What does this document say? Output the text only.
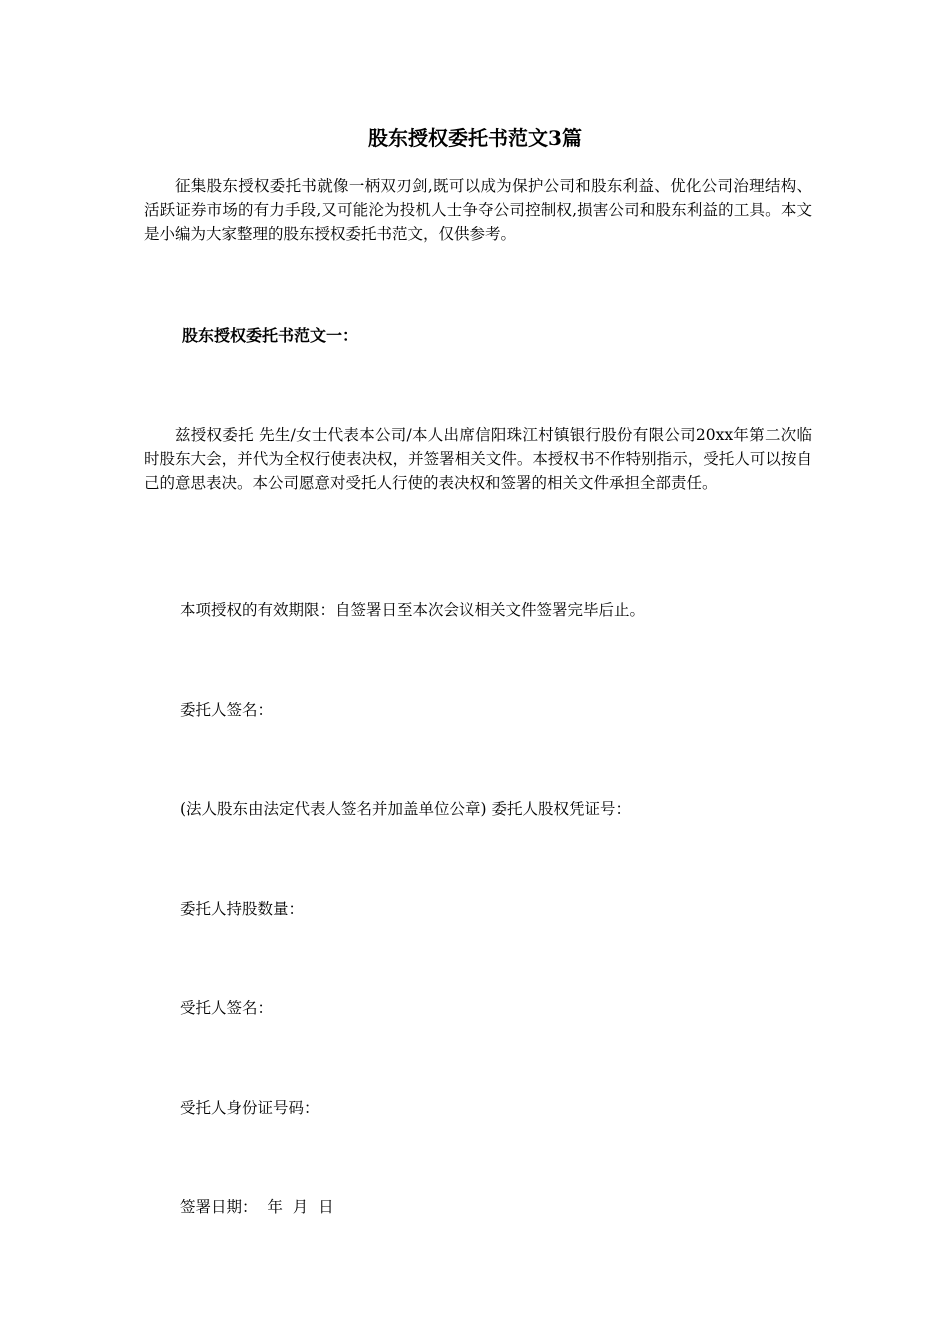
股东授权委托书范文3篇
征集股东授权委托书就像一柄双刃剑,既可以成为保护公司和股东利益、优化公司治理结构、活跃证券市场的有力手段,又可能沦为投机人士争夺公司控制权,损害公司和股东利益的工具。本文是小编为大家整理的股东授权委托书范文，仅供参考。
股东授权委托书范文一：
兹授权委托 先生/女士代表本公司/本人出席信阳珠江村镇银行股份有限公司20xx年第二次临时股东大会，并代为全权行使表决权，并签署相关文件。本授权书不作特别指示，受托人可以按自己的意思表决。本公司愿意对受托人行使的表决权和签署的相关文件承担全部责任。
本项授权的有效期限：自签署日至本次会议相关文件签署完毕后止。
委托人签名：
(法人股东由法定代表人签名并加盖单位公章) 委托人股权凭证号：
委托人持股数量：
受托人签名：
受托人身份证号码：
签署日期：  年  月  日
